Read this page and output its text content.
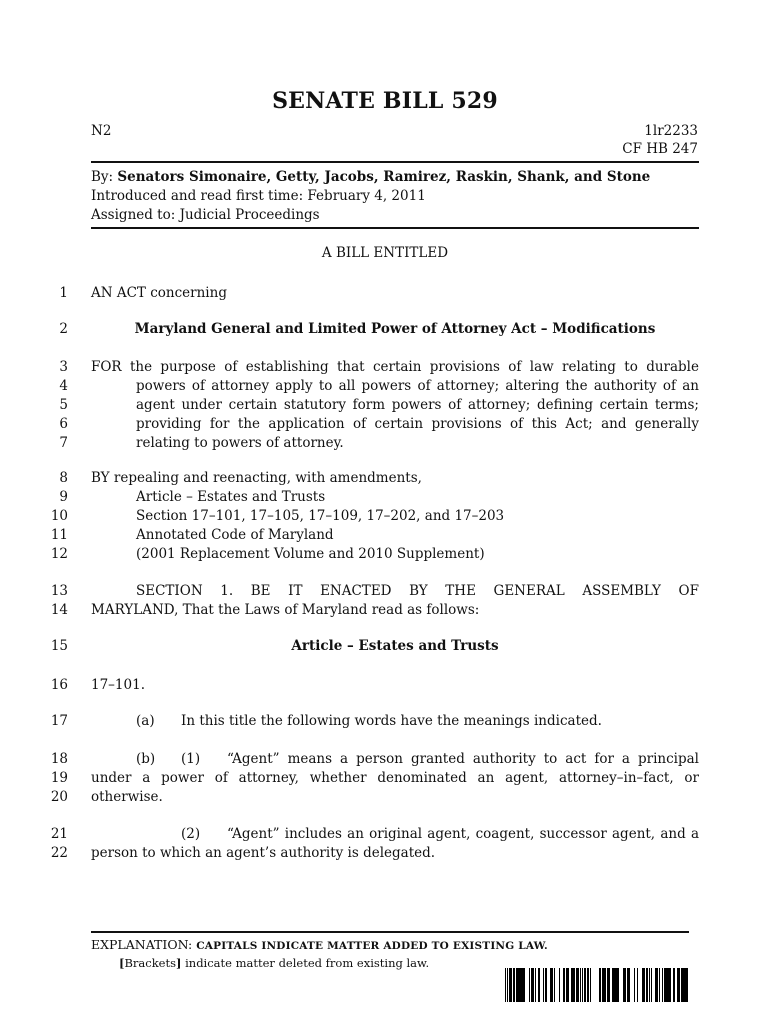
SENATE BILL 529
N2	1lr2233
CF HB 247
By: Senators Simonaire, Getty, Jacobs, Ramirez, Raskin, Shank, and Stone
Introduced and read first time: February 4, 2011
Assigned to: Judicial Proceedings
A BILL ENTITLED
1
2
3
4
5
6
7
8
9
10
11
12
13
14
15
16
17
18
19
20
21
22
AN ACT concerning
Maryland General and Limited Power of Attorney Act – Modifications
FOR the purpose of establishing that certain provisions of law relating to durable
powers of attorney apply to all powers of attorney; altering the authority of an
agent under certain statutory form powers of attorney; defining certain terms;
providing for the application of certain provisions of this Act; and generally
relating to powers of attorney.
BY repealing and reenacting, with amendments,
Article – Estates and Trusts
Section 17–101, 17–105, 17–109, 17–202, and 17–203
Annotated Code of Maryland
(2001 Replacement Volume and 2010 Supplement)
SECTION 1. BE IT ENACTED BY THE GENERAL ASSEMBLY OF
MARYLAND, That the Laws of Maryland read as follows:
Article – Estates and Trusts
17–101.
(a) In this title the following words have the meanings indicated.
(b) (1) “Agent” means a person granted authority to act for a principal
under a power of attorney, whether denominated an agent, attorney–in–fact, or
otherwise.
(2) “Agent” includes an original agent, coagent, successor agent, and a
person to which an agent’s authority is delegated.
EXPLANATION: CAPITALS INDICATE MATTER ADDED TO EXISTING LAW.
[Brackets] indicate matter deleted from existing law.
